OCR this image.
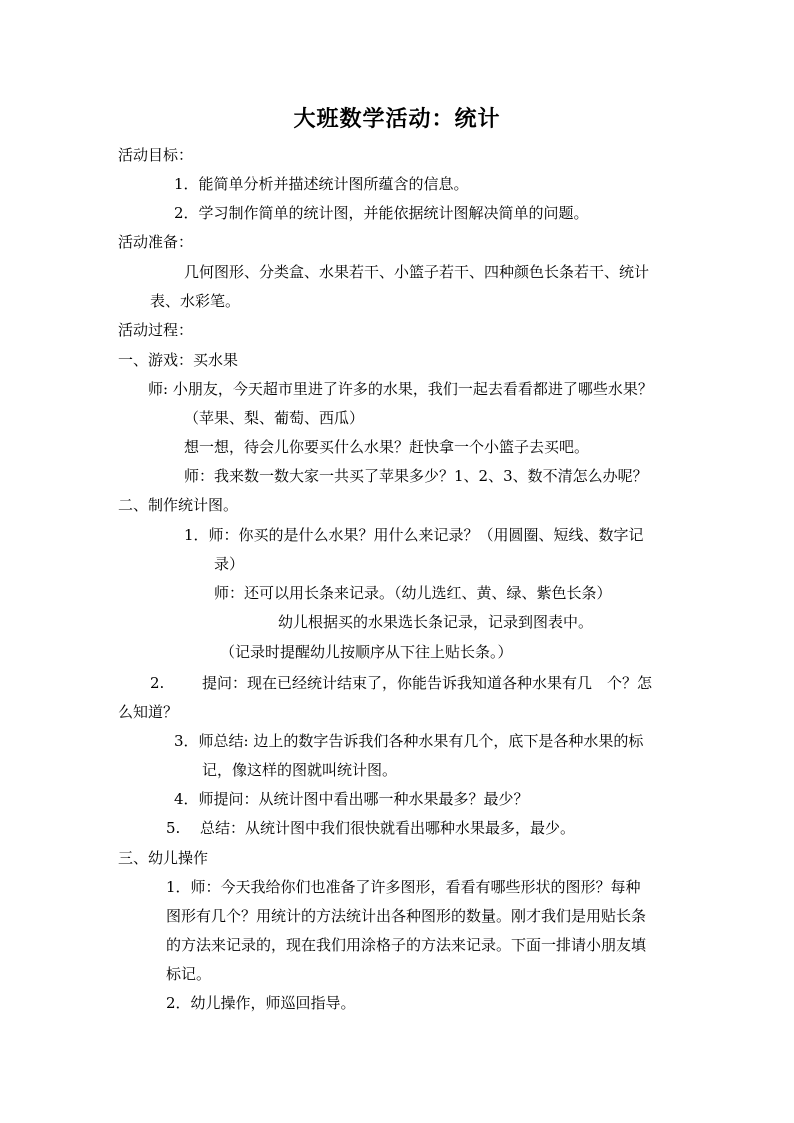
大班数学活动：统计
活动目标：
1．能简单分析并描述统计图所蕴含的信息。
2．学习制作简单的统计图，并能依据统计图解决简单的问题。
活动准备：
几何图形、分类盒、水果若干、小篮子若干、四种颜色长条若干、统计
表、水彩笔。
活动过程：
一、游戏：买水果
师: 小朋友，今天超市里进了许多的水果，我们一起去看看都进了哪些水果？
（苹果、梨、葡萄、西瓜）
想一想，待会儿你要买什么水果？赶快拿一个小篮子去买吧。
师：我来数一数大家一共买了苹果多少？1、2、3、数不清怎么办呢？
二、制作统计图。
1．师：你买的是什么水果？用什么来记录？（用圆圈、短线、数字记
录）
师：还可以用长条来记录。（幼儿选红、黄、绿、紫色长条）
幼儿根据买的水果选长条记录，记录到图表中。
（记录时提醒幼儿按顺序从下往上贴长条。）
2.	提问：现在已经统计结束了，你能告诉我知道各种水果有几　个？怎
么知道？
3．师总结: 边上的数字告诉我们各种水果有几个，底下是各种水果的标
记，像这样的图就叫统计图。
4．师提问：从统计图中看出哪一种水果最多？最少？
5. 总结：从统计图中我们很快就看出哪种水果最多，最少。
三、幼儿操作
1．师：今天我给你们也准备了许多图形，看看有哪些形状的图形？每种
图形有几个？用统计的方法统计出各种图形的数量。刚才我们是用贴长条
的方法来记录的，现在我们用涂格子的方法来记录。下面一排请小朋友填
标记。
2．幼儿操作，师巡回指导。
